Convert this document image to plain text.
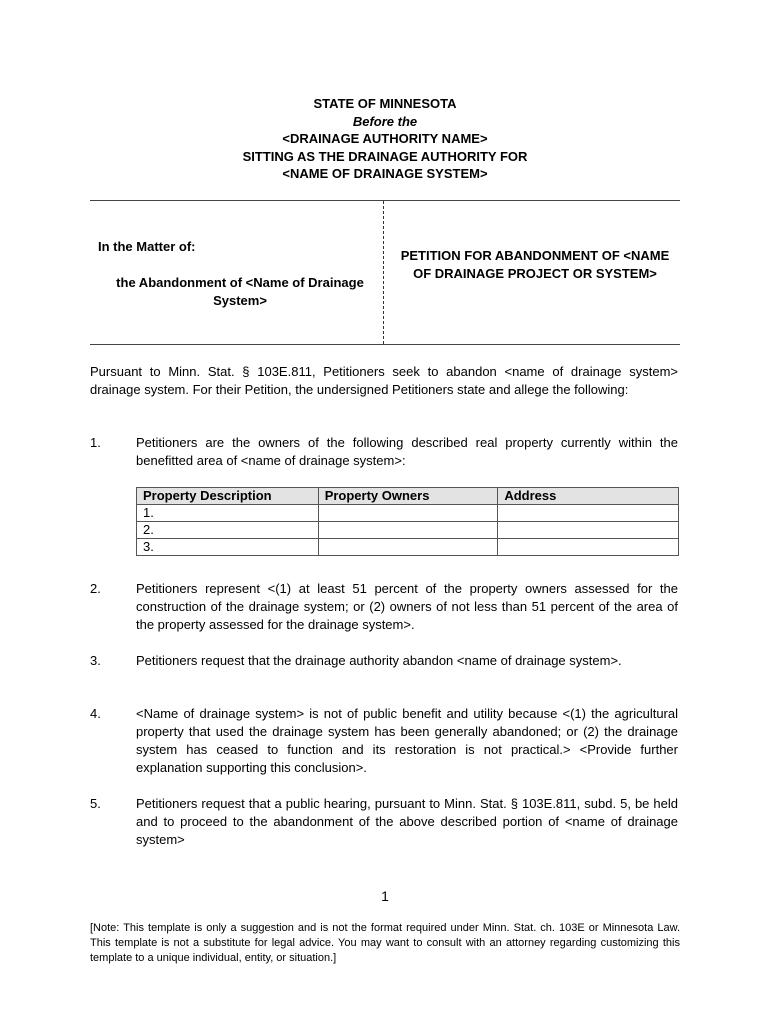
STATE OF MINNESOTA
Before the
<DRAINAGE AUTHORITY NAME>
SITTING AS THE DRAINAGE AUTHORITY FOR
<NAME OF DRAINAGE SYSTEM>
In the Matter of:
the Abandonment of <Name of Drainage System>
PETITION FOR ABANDONMENT OF <NAME OF DRAINAGE PROJECT OR SYSTEM>
Pursuant to Minn. Stat. § 103E.811, Petitioners seek to abandon <name of drainage system> drainage system. For their Petition, the undersigned Petitioners state and allege the following:
1.	Petitioners are the owners of the following described real property currently within the benefitted area of <name of drainage system>:
Property Description	Property Owners	Address
1.		
2.		
3.		
2.	Petitioners represent <(1) at least 51 percent of the property owners assessed for the construction of the drainage system; or (2) owners of not less than 51 percent of the area of the property assessed for the drainage system>.
3.	Petitioners request that the drainage authority abandon <name of drainage system>.
4.	<Name of drainage system> is not of public benefit and utility because <(1) the agricultural property that used the drainage system has been generally abandoned; or (2) the drainage system has ceased to function and its restoration is not practical.> <Provide further explanation supporting this conclusion>.
5.	Petitioners request that a public hearing, pursuant to Minn. Stat. § 103E.811, subd. 5, be held and to proceed to the abandonment of the above described portion of <name of drainage system>
1
[Note: This template is only a suggestion and is not the format required under Minn. Stat. ch. 103E or Minnesota Law. This template is not a substitute for legal advice. You may want to consult with an attorney regarding customizing this template to a unique individual, entity, or situation.]
